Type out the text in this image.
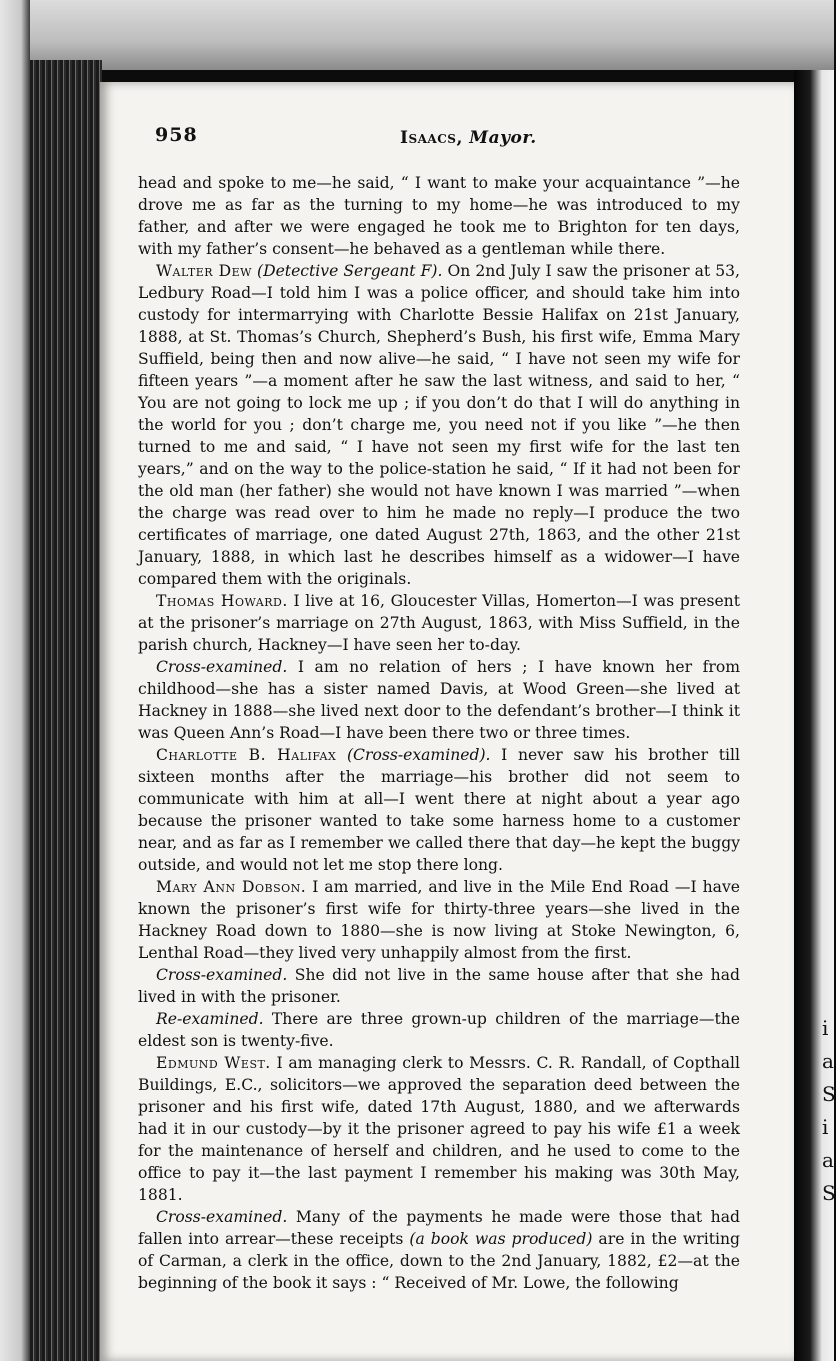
i
a
S
i
a
S
958	Isaacs, Mayor.

head and spoke to me—he said, “ I want to make your acquaintance ”—he drove me as far as the turning to my home—he was introduced to my father, and after we were engaged he took me to Brighton for ten days, with my father’s consent—he behaved as a gentleman while there.

Walter Dew (Detective Sergeant F). On 2nd July I saw the prisoner at 53, Ledbury Road—I told him I was a police officer, and should take him into custody for intermarrying with Charlotte Bessie Halifax on 21st January, 1888, at St. Thomas’s Church, Shepherd’s Bush, his first wife, Emma Mary Suffield, being then and now alive—he said, “ I have not seen my wife for fifteen years ”—a moment after he saw the last witness, and said to her, “ You are not going to lock me up ; if you don’t do that I will do anything in the world for you ; don’t charge me, you need not if you like ”—he then turned to me and said, “ I have not seen my first wife for the last ten years,” and on the way to the police-station he said, “ If it had not been for the old man (her father) she would not have known I was married ”—when the charge was read over to him he made no reply—I produce the two certificates of marriage, one dated August 27th, 1863, and the other 21st January, 1888, in which last he describes himself as a widower—I have compared them with the originals.

Thomas Howard. I live at 16, Gloucester Villas, Homerton—I was present at the prisoner’s marriage on 27th August, 1863, with Miss Suffield, in the parish church, Hackney—I have seen her to-day.

Cross-examined. I am no relation of hers ; I have known her from childhood—she has a sister named Davis, at Wood Green—she lived at Hackney in 1888—she lived next door to the defendant’s brother—I think it was Queen Ann’s Road—I have been there two or three times.

Charlotte B. Halifax (Cross-examined). I never saw his brother till sixteen months after the marriage—his brother did not seem to communicate with him at all—I went there at night about a year ago because the prisoner wanted to take some harness home to a customer near, and as far as I remember we called there that day—he kept the buggy outside, and would not let me stop there long.

Mary Ann Dobson. I am married, and live in the Mile End Road —I have known the prisoner’s first wife for thirty-three years—she lived in the Hackney Road down to 1880—she is now living at Stoke Newington, 6, Lenthal Road—they lived very unhappily almost from the first.

Cross-examined. She did not live in the same house after that she had lived in with the prisoner.

Re-examined. There are three grown-up children of the marriage—the eldest son is twenty-five.

Edmund West. I am managing clerk to Messrs. C. R. Randall, of Copthall Buildings, E.C., solicitors—we approved the separation deed between the prisoner and his first wife, dated 17th August, 1880, and we afterwards had it in our custody—by it the prisoner agreed to pay his wife £1 a week for the maintenance of herself and children, and he used to come to the office to pay it—the last payment I remember his making was 30th May, 1881.

Cross-examined. Many of the payments he made were those that had fallen into arrear—these receipts (a book was produced) are in the writing of Carman, a clerk in the office, down to the 2nd January, 1882, £2—at the beginning of the book it says : “ Received of Mr. Lowe, the following
